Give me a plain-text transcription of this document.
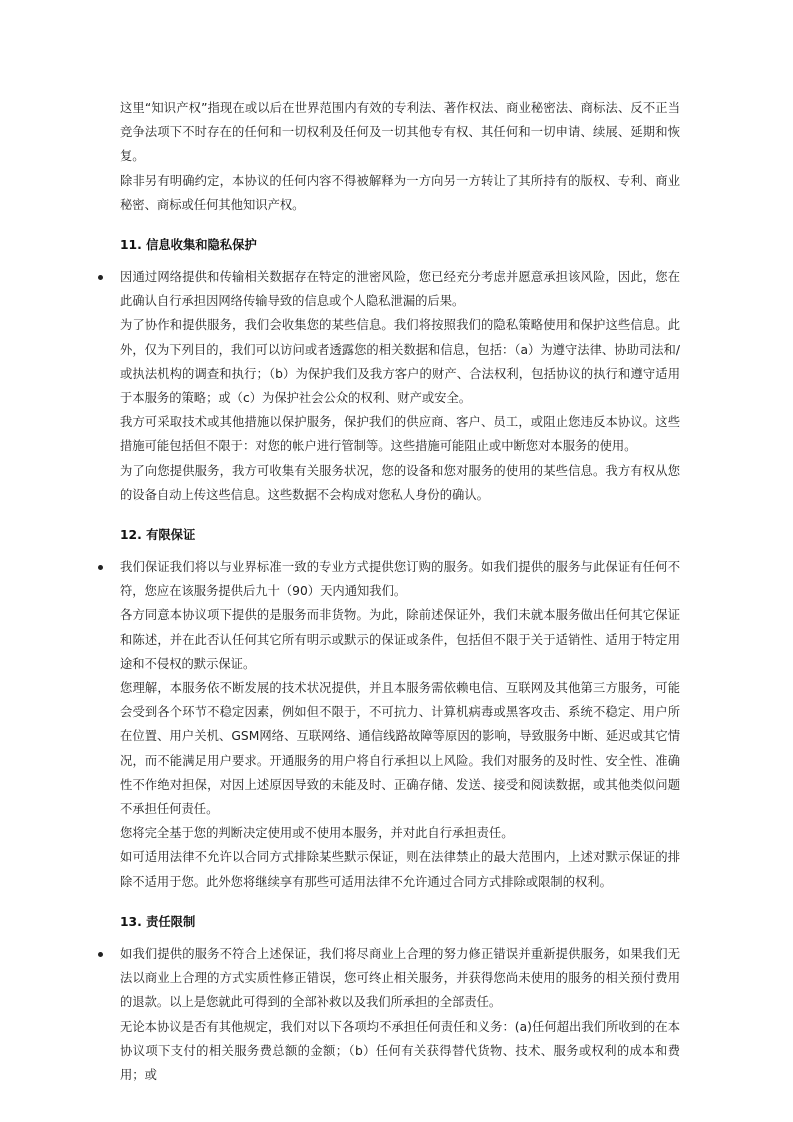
这里“知识产权”指现在或以后在世界范围内有效的专利法、著作权法、商业秘密法、商标法、反不正当竞争法项下不时存在的任何和一切权利及任何及一切其他专有权、其任何和一切申请、续展、延期和恢复。

除非另有明确约定，本协议的任何内容不得被解释为一方向另一方转让了其所持有的版权、专利、商业秘密、商标或任何其他知识产权。

11. 信息收集和隐私保护

因通过网络提供和传输相关数据存在特定的泄密风险，您已经充分考虑并愿意承担该风险，因此，您在此确认自行承担因网络传输导致的信息或个人隐私泄漏的后果。

为了协作和提供服务，我们会收集您的某些信息。我们将按照我们的隐私策略使用和保护这些信息。此外，仅为下列目的，我们可以访问或者透露您的相关数据和信息，包括：（a）为遵守法律、协助司法和/或执法机构的调查和执行；（b）为保护我们及我方客户的财产、合法权利，包括协议的执行和遵守适用于本服务的策略；或（c）为保护社会公众的权利、财产或安全。

我方可采取技术或其他措施以保护服务，保护我们的供应商、客户、员工，或阻止您违反本协议。这些措施可能包括但不限于：对您的帐户进行管制等。这些措施可能阻止或中断您对本服务的使用。

为了向您提供服务，我方可收集有关服务状况，您的设备和您对服务的使用的某些信息。我方有权从您的设备自动上传这些信息。这些数据不会构成对您私人身份的确认。

12. 有限保证

我们保证我们将以与业界标准一致的专业方式提供您订购的服务。如我们提供的服务与此保证有任何不符，您应在该服务提供后九十（90）天内通知我们。

各方同意本协议项下提供的是服务而非货物。为此，除前述保证外，我们未就本服务做出任何其它保证和陈述，并在此否认任何其它所有明示或默示的保证或条件，包括但不限于关于适销性、适用于特定用途和不侵权的默示保证。

您理解，本服务依不断发展的技术状况提供，并且本服务需依赖电信、互联网及其他第三方服务，可能会受到各个环节不稳定因素，例如但不限于，不可抗力、计算机病毒或黑客攻击、系统不稳定、用户所在位置、用户关机、GSM网络、互联网络、通信线路故障等原因的影响，导致服务中断、延迟或其它情况，而不能满足用户要求。开通服务的用户将自行承担以上风险。我们对服务的及时性、安全性、准确性不作绝对担保，对因上述原因导致的未能及时、正确存储、发送、接受和阅读数据，或其他类似问题不承担任何责任。

您将完全基于您的判断决定使用或不使用本服务，并对此自行承担责任。

如可适用法律不允许以合同方式排除某些默示保证，则在法律禁止的最大范围内，上述对默示保证的排除不适用于您。此外您将继续享有那些可适用法律不允许通过合同方式排除或限制的权利。

13. 责任限制

如我们提供的服务不符合上述保证，我们将尽商业上合理的努力修正错误并重新提供服务，如果我们无法以商业上合理的方式实质性修正错误，您可终止相关服务，并获得您尚未使用的服务的相关预付费用的退款。以上是您就此可得到的全部补救以及我们所承担的全部责任。

无论本协议是否有其他规定，我们对以下各项均不承担任何责任和义务：(a)任何超出我们所收到的在本协议项下支付的相关服务费总额的金额；（b）任何有关获得替代货物、技术、服务或权利的成本和费用；或
